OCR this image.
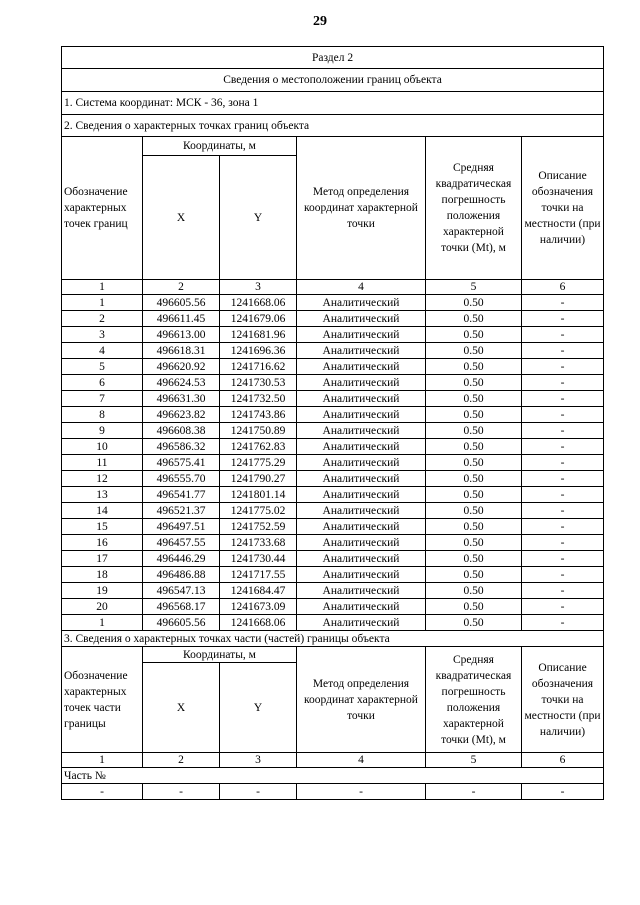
29
Раздел 2					
Сведения о местоположении границ объекта					
1. Система координат: МСК - 36, зона 1					
2. Сведения о характерных точках границ объекта					
Обозначение характерных точек границ	Координаты, м		Метод определения координат характерной точки	Средняя квадратическая погрешность положения характерной точки (Mt), м	Описание обозначения точки на местности (при наличии)
	X	Y			
1	2	3	4	5	6
1	496605.56	1241668.06	Аналитический	0.50	-
2	496611.45	1241679.06	Аналитический	0.50	-
3	496613.00	1241681.96	Аналитический	0.50	-
4	496618.31	1241696.36	Аналитический	0.50	-
5	496620.92	1241716.62	Аналитический	0.50	-
6	496624.53	1241730.53	Аналитический	0.50	-
7	496631.30	1241732.50	Аналитический	0.50	-
8	496623.82	1241743.86	Аналитический	0.50	-
9	496608.38	1241750.89	Аналитический	0.50	-
10	496586.32	1241762.83	Аналитический	0.50	-
11	496575.41	1241775.29	Аналитический	0.50	-
12	496555.70	1241790.27	Аналитический	0.50	-
13	496541.77	1241801.14	Аналитический	0.50	-
14	496521.37	1241775.02	Аналитический	0.50	-
15	496497.51	1241752.59	Аналитический	0.50	-
16	496457.55	1241733.68	Аналитический	0.50	-
17	496446.29	1241730.44	Аналитический	0.50	-
18	496486.88	1241717.55	Аналитический	0.50	-
19	496547.13	1241684.47	Аналитический	0.50	-
20	496568.17	1241673.09	Аналитический	0.50	-
1	496605.56	1241668.06	Аналитический	0.50	-
3. Сведения о характерных точках части (частей) границы объекта					
Обозначение характерных точек части границы	Координаты, м		Метод определения координат характерной точки	Средняя квадратическая погрешность положения характерной точки (Mt), м	Описание обозначения точки на местности (при наличии)
	X	Y			
1	2	3	4	5	6
Часть №					
-	-	-	-	-	-
